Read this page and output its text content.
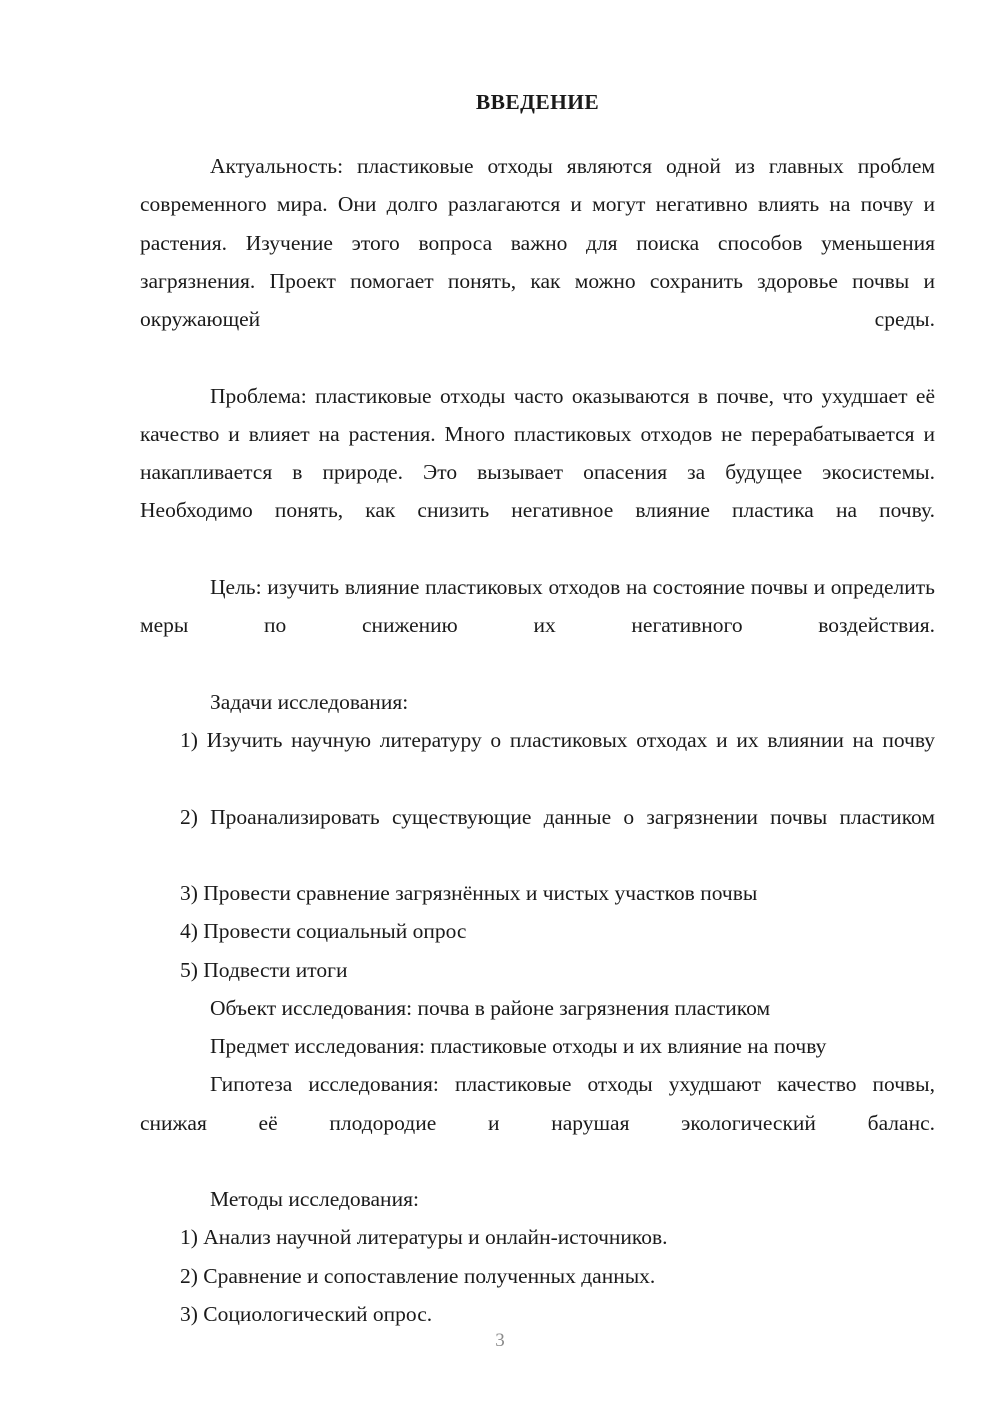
ВВЕДЕНИЕ

Актуальность: пластиковые отходы являются одной из главных проблем современного мира. Они долго разлагаются и могут негативно влиять на почву и растения. Изучение этого вопроса важно для поиска способов уменьшения загрязнения. Проект помогает понять, как можно сохранить здоровье почвы и окружающей среды.

Проблема: пластиковые отходы часто оказываются в почве, что ухудшает её качество и влияет на растения. Много пластиковых отходов не перерабатывается и накапливается в природе. Это вызывает опасения за будущее экосистемы. Необходимо понять, как снизить негативное влияние пластика на почву.

Цель: изучить влияние пластиковых отходов на состояние почвы и определить меры по снижению их негативного воздействия.

Задачи исследования:

1) Изучить научную литературу о пластиковых отходах и их влиянии на почву

2) Проанализировать существующие данные о загрязнении почвы пластиком

3) Провести сравнение загрязнённых и чистых участков почвы

4) Провести социальный опрос

5) Подвести итоги

Объект исследования: почва в районе загрязнения пластиком

Предмет исследования: пластиковые отходы и их влияние на почву

Гипотеза исследования: пластиковые отходы ухудшают качество почвы, снижая её плодородие и нарушая экологический баланс.

Методы исследования:

1) Анализ научной литературы и онлайн-источников.

2) Сравнение и сопоставление полученных данных.

3) Социологический опрос.

3
